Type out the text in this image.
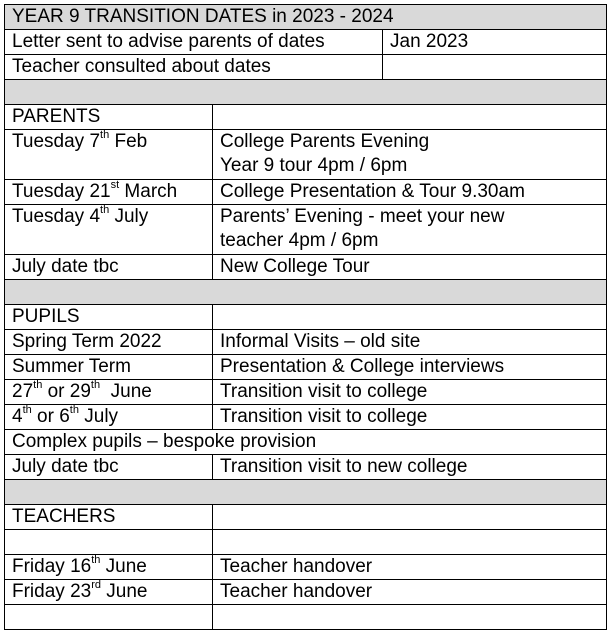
YEAR 9 TRANSITION DATES in 2023 - 2024		
Letter sent to advise parents of dates		Jan 2023
Teacher consulted about dates		

PARENTS		
Tuesday 7th Feb	College Parents Evening
Year 9 tour 4pm / 6pm	

Tuesday 21st March	College Presentation & Tour 9.30am	

Tuesday 4th July	Parents’ Evening - meet your new
teacher 4pm / 6pm	

July date tbc	New College Tour	

PUPILS		
Spring Term 2022	Informal Visits – old site	
Summer Term	Presentation & College interviews	
27th or 29th  June	Transition visit to college	
4th or 6th July	Transition visit to college	
Complex pupils – bespoke provision		
July date tbc	Transition visit to new college	

TEACHERS		

Friday 16th June	Teacher handover	
Friday 23rd June	Teacher handover	
